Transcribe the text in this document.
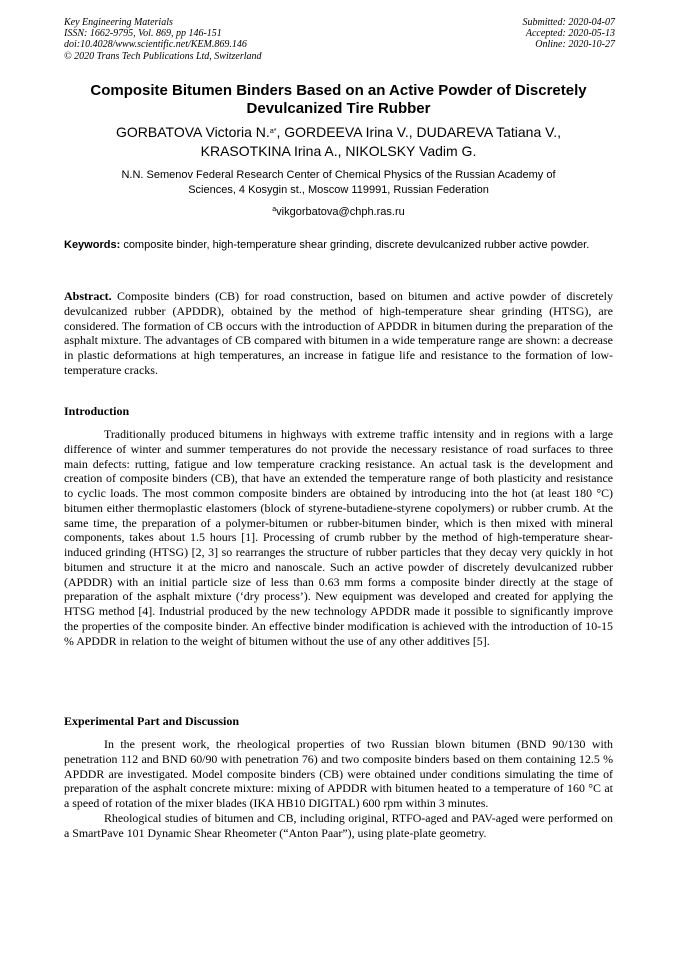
Key Engineering Materials
ISSN: 1662-9795, Vol. 869, pp 146-151
doi:10.4028/www.scientific.net/KEM.869.146
© 2020 Trans Tech Publications Ltd, Switzerland
Submitted: 2020-04-07
Accepted: 2020-05-13
Online: 2020-10-27
Composite Bitumen Binders Based on an Active Powder of Discretely
Devulcanized Tire Rubber
GORBATOVA Victoria N.$^{a*}$, GORDEEVA Irina V., DUDAREVA Tatiana V.,
KRASOTKINA Irina A., NIKOLSKY Vadim G.
N.N. Semenov Federal Research Center of Chemical Physics of the Russian Academy of
Sciences, 4 Kosygin st., Moscow 119991, Russian Federation
$^a$vikgorbatova@chph.ras.ru
Keywords: composite binder, high-temperature shear grinding, discrete devulcanized rubber active powder.
Abstract. Composite binders (CB) for road construction, based on bitumen and active powder of discretely devulcanized rubber (APDDR), obtained by the method of high-temperature shear grinding (HTSG), are considered. The formation of CB occurs with the introduction of APDDR in bitumen during the preparation of the asphalt mixture. The advantages of CB compared with bitumen in a wide temperature range are shown: a decrease in plastic deformations at high temperatures, an increase in fatigue life and resistance to the formation of low-temperature cracks.
Introduction

Traditionally produced bitumens in highways with extreme traffic intensity and in regions with a large difference of winter and summer temperatures do not provide the necessary resistance of road surfaces to three main defects: rutting, fatigue and low temperature cracking resistance. An actual task is the development and creation of composite binders (CB), that have an extended the temperature range of both plasticity and resistance to cyclic loads. The most common composite binders are obtained by introducing into the hot (at least 180 °C) bitumen either thermoplastic elastomers (block of styrene-butadiene-styrene copolymers) or rubber crumb. At the same time, the preparation of a polymer-bitumen or rubber-bitumen binder, which is then mixed with mineral components, takes about 1.5 hours [1]. Processing of crumb rubber by the method of high-temperature shear-induced grinding (HTSG) [2, 3] so rearranges the structure of rubber particles that they decay very quickly in hot bitumen and structure it at the micro and nanoscale. Such an active powder of discretely devulcanized rubber (APDDR) with an initial particle size of less than 0.63 mm forms a composite binder directly at the stage of preparation of the asphalt mixture (‘dry process’). New equipment was developed and created for applying the HTSG method [4]. Industrial produced by the new technology APDDR made it possible to significantly improve the properties of the composite binder. An effective binder modification is achieved with the introduction of 10-15 % APDDR in relation to the weight of bitumen without the use of any other additives [5].

Experimental Part and Discussion

In the present work, the rheological properties of two Russian blown bitumen (BND 90/130 with penetration 112 and BND 60/90 with penetration 76) and two composite binders based on them containing 12.5 % APDDR are investigated. Model composite binders (CB) were obtained under conditions simulating the time of preparation of the asphalt concrete mixture: mixing of APDDR with bitumen heated to a temperature of 160 °C at a speed of rotation of the mixer blades (IKA HB10 DIGITAL) 600 rpm within 3 minutes.

Rheological studies of bitumen and CB, including original, RTFO-aged and PAV-aged were performed on a SmartPave 101 Dynamic Shear Rheometer (“Anton Paar”), using plate-plate geometry.
